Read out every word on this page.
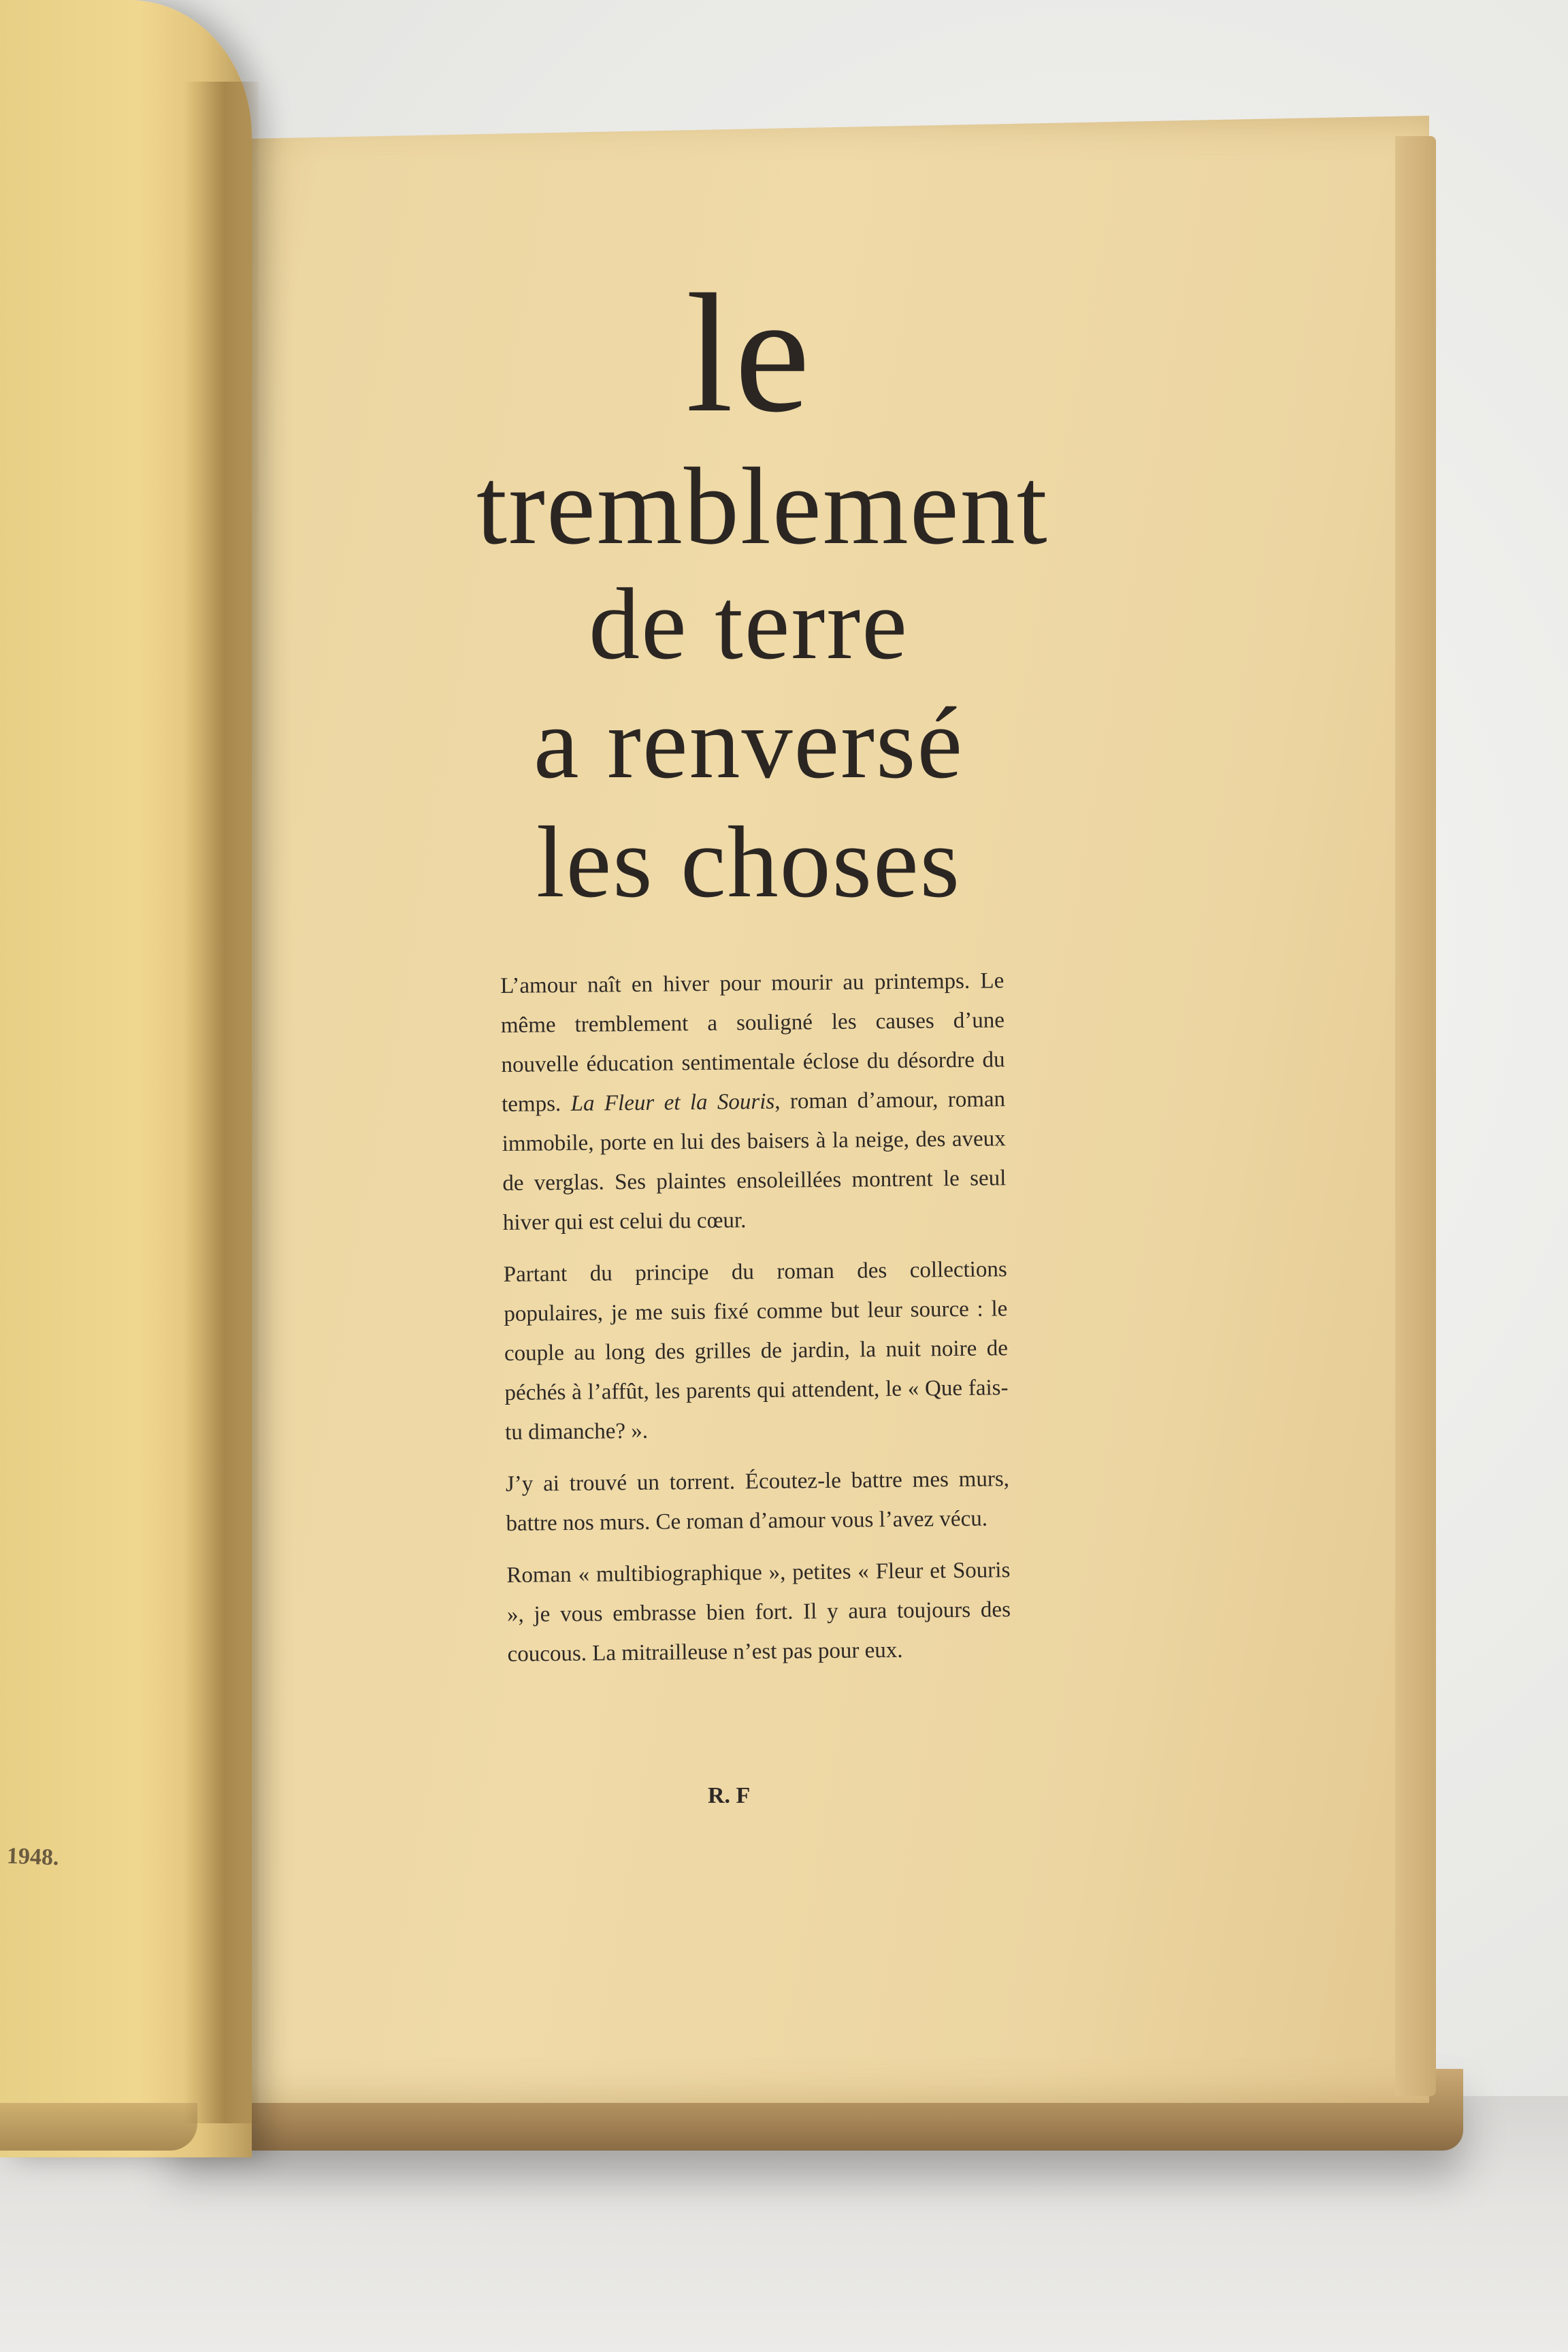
1948.
le
tremblement
de terre
a renversé
les choses

L’amour naît en hiver pour mourir au printemps. Le même tremblement a souligné les causes d’une nouvelle éducation sentimentale éclose du désordre du temps. La Fleur et la Souris, roman d’amour, roman immobile, porte en lui des baisers à la neige, des aveux de verglas. Ses plaintes ensoleillées montrent le seul hiver qui est celui du cœur.

Partant du principe du roman des collections populaires, je me suis fixé comme but leur source : le couple au long des grilles de jardin, la nuit noire de péchés à l’affût, les parents qui attendent, le « Que fais-tu dimanche? ».

J’y ai trouvé un torrent. Écoutez-le battre mes murs, battre nos murs. Ce roman d’amour vous l’avez vécu.

Roman « multibiographique », petites « Fleur et Souris », je vous embrasse bien fort. Il y aura toujours des coucous. La mitrailleuse n’est pas pour eux.

R. F
